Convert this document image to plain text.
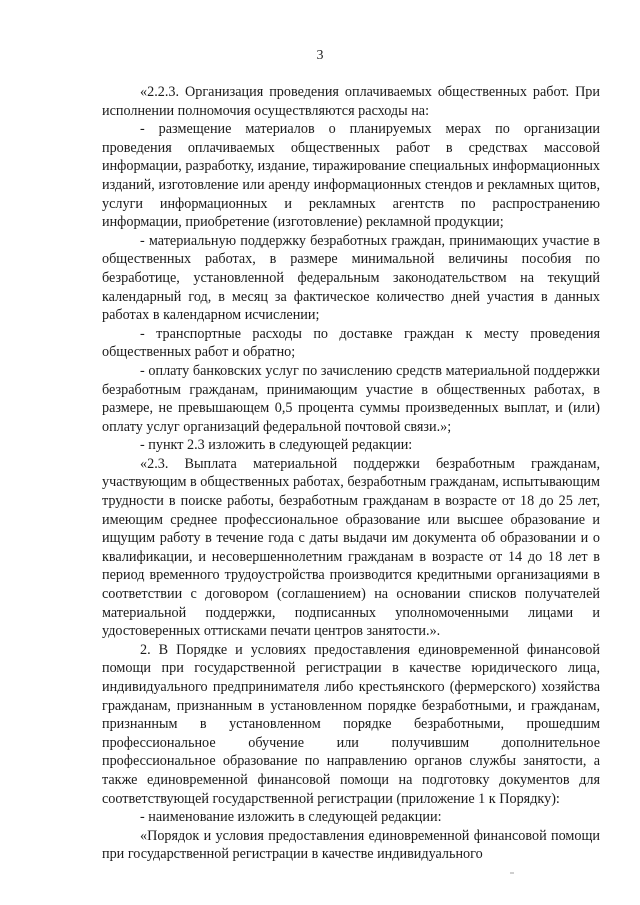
3

«2.2.3. Организация проведения оплачиваемых общественных работ. При исполнении полномочия осуществляются расходы на:

- размещение материалов о планируемых мерах по организации проведения оплачиваемых общественных работ в средствах массовой информации, разработку, издание, тиражирование специальных информационных изданий, изготовление или аренду информационных стендов и рекламных щитов, услуги информационных и рекламных агентств по распространению информации, приобретение (изготовление) рекламной продукции;

- материальную поддержку безработных граждан, принимающих участие в общественных работах, в размере минимальной величины пособия по безработице, установленной федеральным законодательством на текущий календарный год, в месяц за фактическое количество дней участия в данных работах в календарном исчислении;

- транспортные расходы по доставке граждан к месту проведения общественных работ и обратно;

- оплату банковских услуг по зачислению средств материальной поддержки безработным гражданам, принимающим участие в общественных работах, в размере, не превышающем 0,5 процента суммы произведенных выплат, и (или) оплату услуг организаций федеральной почтовой связи.»;

- пункт 2.3 изложить в следующей редакции:

«2.3. Выплата материальной поддержки безработным гражданам, участвующим в общественных работах, безработным гражданам, испытывающим трудности в поиске работы, безработным гражданам в возрасте от 18 до 25 лет, имеющим среднее профессиональное образование или высшее образование и ищущим работу в течение года с даты выдачи им документа об образовании и о квалификации, и несовершеннолетним гражданам в возрасте от 14 до 18 лет в период временного трудоустройства производится кредитными организациями в соответствии с договором (соглашением) на основании списков получателей материальной поддержки, подписанных уполномоченными лицами и удостоверенных оттисками печати центров занятости.».

2. В Порядке и условиях предоставления единовременной финансовой помощи при государственной регистрации в качестве юридического лица, индивидуального предпринимателя либо крестьянского (фермерского) хозяйства гражданам, признанным в установленном порядке безработными, и гражданам, признанным в установленном порядке безработными, прошедшим профессиональное обучение или получившим дополнительное профессиональное образование по направлению органов службы занятости, а также единовременной финансовой помощи на подготовку документов для соответствующей государственной регистрации (приложение 1 к Порядку):

- наименование изложить в следующей редакции:

«Порядок и условия предоставления единовременной финансовой помощи при государственной регистрации в качестве индивидуального
